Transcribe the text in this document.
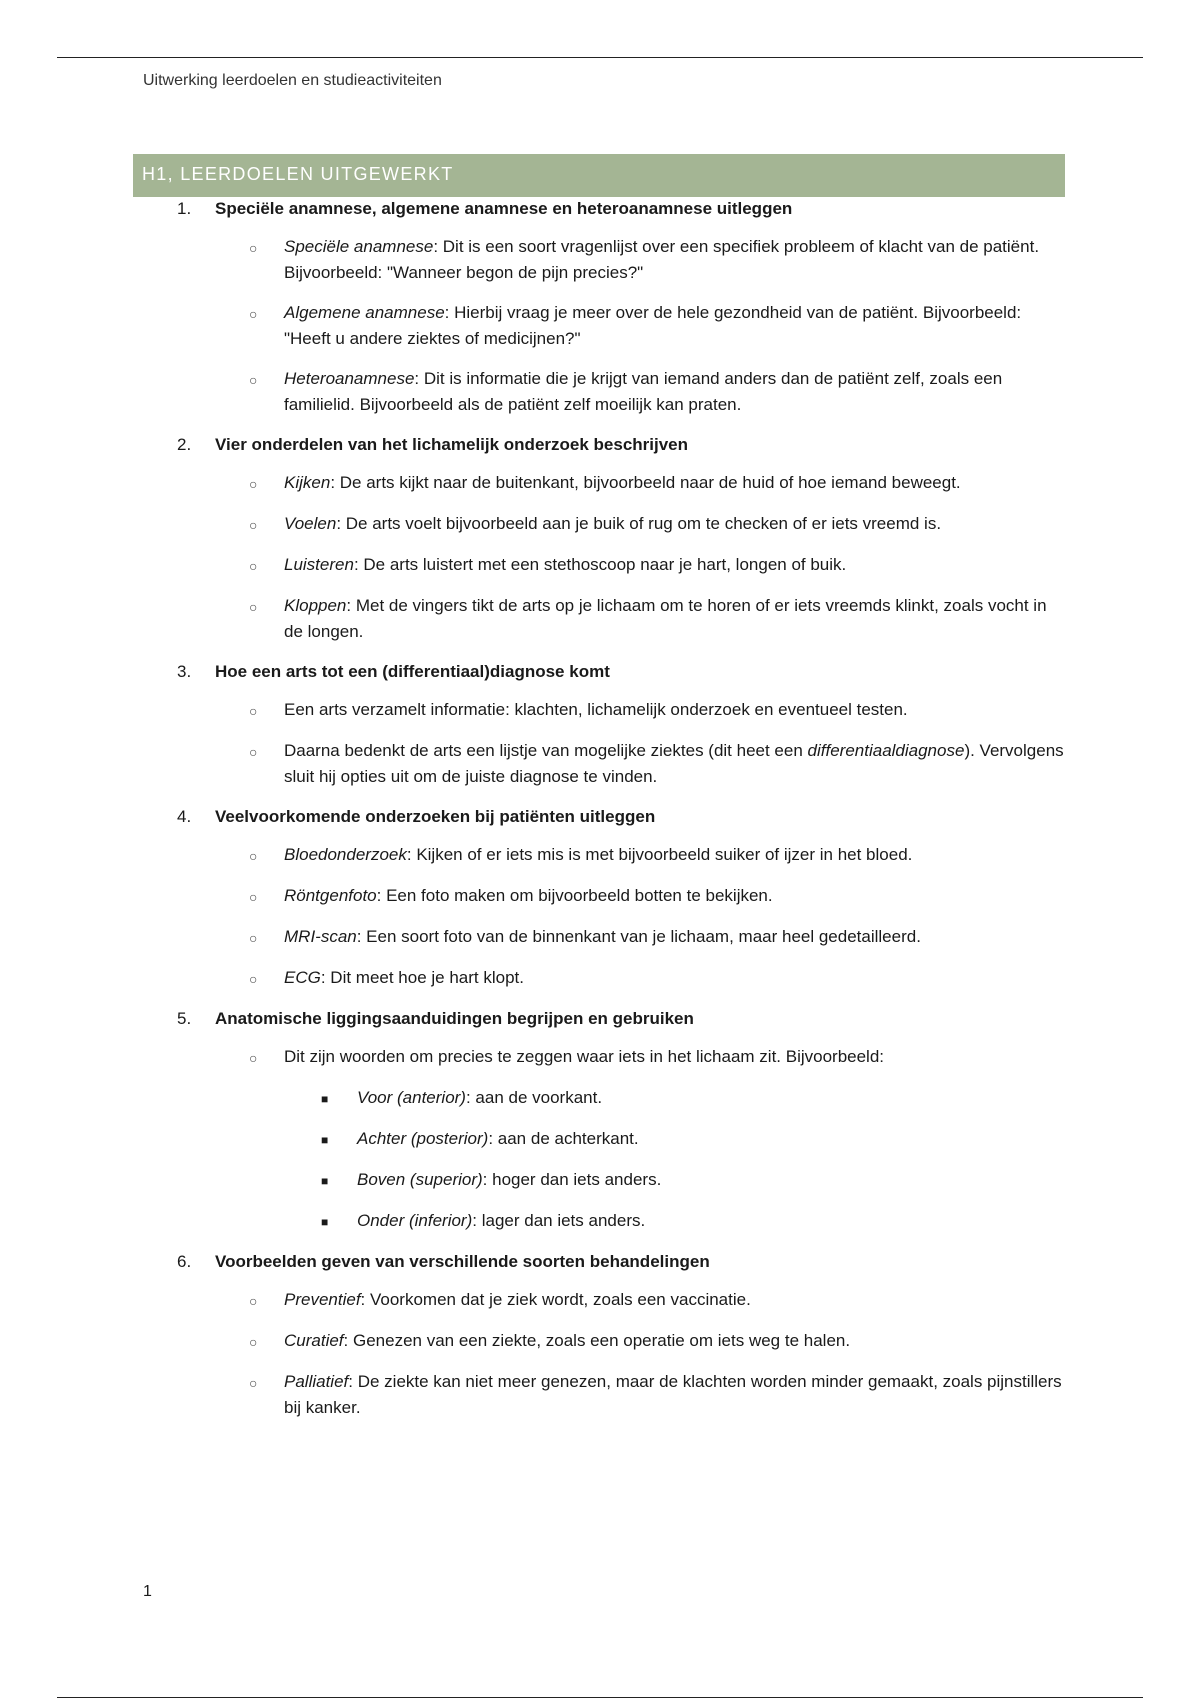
Uitwerking leerdoelen en studieactiviteiten
H1, LEERDOELEN UITGEWERKT
1.	Speciële anamnese, algemene anamnese en heteroanamnese uitleggen
○	Speciële anamnese: Dit is een soort vragenlijst over een specifiek probleem of klacht van de patiënt. Bijvoorbeeld: "Wanneer begon de pijn precies?"
○	Algemene anamnese: Hierbij vraag je meer over de hele gezondheid van de patiënt. Bijvoorbeeld: "Heeft u andere ziektes of medicijnen?"
○	Heteroanamnese: Dit is informatie die je krijgt van iemand anders dan de patiënt zelf, zoals een familielid. Bijvoorbeeld als de patiënt zelf moeilijk kan praten.
2.	Vier onderdelen van het lichamelijk onderzoek beschrijven
○	Kijken: De arts kijkt naar de buitenkant, bijvoorbeeld naar de huid of hoe iemand beweegt.
○	Voelen: De arts voelt bijvoorbeeld aan je buik of rug om te checken of er iets vreemd is.
○	Luisteren: De arts luistert met een stethoscoop naar je hart, longen of buik.
○	Kloppen: Met de vingers tikt de arts op je lichaam om te horen of er iets vreemds klinkt, zoals vocht in de longen.
3.	Hoe een arts tot een (differentiaal)diagnose komt
○	Een arts verzamelt informatie: klachten, lichamelijk onderzoek en eventueel testen.
○	Daarna bedenkt de arts een lijstje van mogelijke ziektes (dit heet een differentiaaldiagnose). Vervolgens sluit hij opties uit om de juiste diagnose te vinden.
4.	Veelvoorkomende onderzoeken bij patiënten uitleggen
○	Bloedonderzoek: Kijken of er iets mis is met bijvoorbeeld suiker of ijzer in het bloed.
○	Röntgenfoto: Een foto maken om bijvoorbeeld botten te bekijken.
○	MRI-scan: Een soort foto van de binnenkant van je lichaam, maar heel gedetailleerd.
○	ECG: Dit meet hoe je hart klopt.
5.	Anatomische liggingsaanduidingen begrijpen en gebruiken
○	Dit zijn woorden om precies te zeggen waar iets in het lichaam zit. Bijvoorbeeld:
■	Voor (anterior): aan de voorkant.
■	Achter (posterior): aan de achterkant.
■	Boven (superior): hoger dan iets anders.
■	Onder (inferior): lager dan iets anders.
6.	Voorbeelden geven van verschillende soorten behandelingen
○	Preventief: Voorkomen dat je ziek wordt, zoals een vaccinatie.
○	Curatief: Genezen van een ziekte, zoals een operatie om iets weg te halen.
○	Palliatief: De ziekte kan niet meer genezen, maar de klachten worden minder gemaakt, zoals pijnstillers bij kanker.
1
